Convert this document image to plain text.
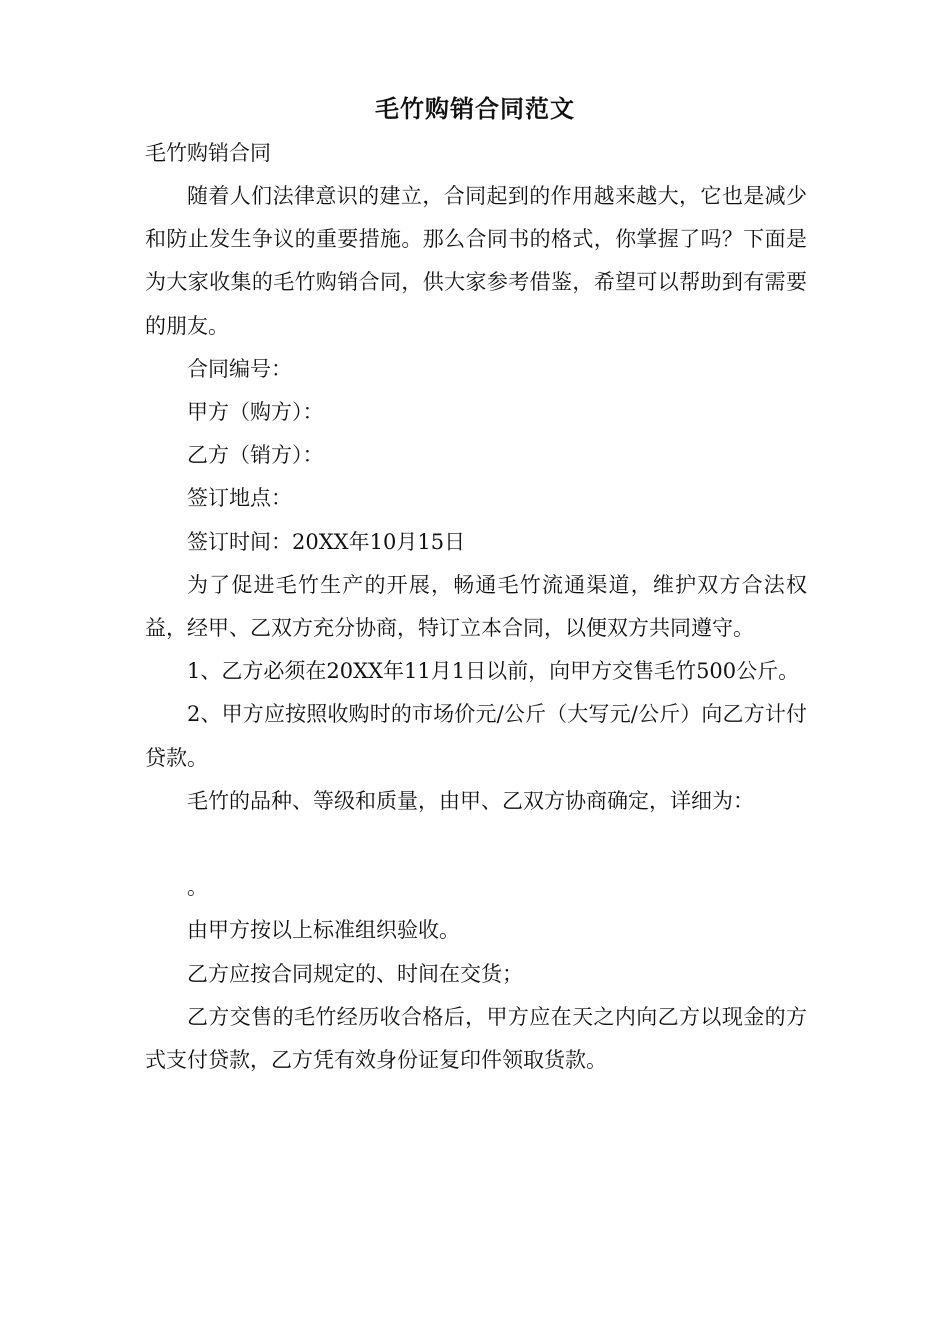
毛竹购销合同范文
毛竹购销合同

随着人们法律意识的建立，合同起到的作用越来越大，它也是减少和防止发生争议的重要措施。那么合同书的格式，你掌握了吗？下面是为大家收集的毛竹购销合同，供大家参考借鉴，希望可以帮助到有需要的朋友。

合同编号：

甲方（购方）：

乙方（销方）：

签订地点：

签订时间：20XX年10月15日

为了促进毛竹生产的开展，畅通毛竹流通渠道，维护双方合法权益，经甲、乙双方充分协商，特订立本合同，以便双方共同遵守。

1、乙方必须在20XX年11月1日以前，向甲方交售毛竹500公斤。

2、甲方应按照收购时的市场价元/公斤（大写元/公斤）向乙方计付贷款。

毛竹的品种、等级和质量，由甲、乙双方协商确定，详细为：

。

由甲方按以上标准组织验收。

乙方应按合同规定的、时间在交货；

乙方交售的毛竹经历收合格后，甲方应在天之内向乙方以现金的方式支付贷款，乙方凭有效身份证复印件领取货款。
